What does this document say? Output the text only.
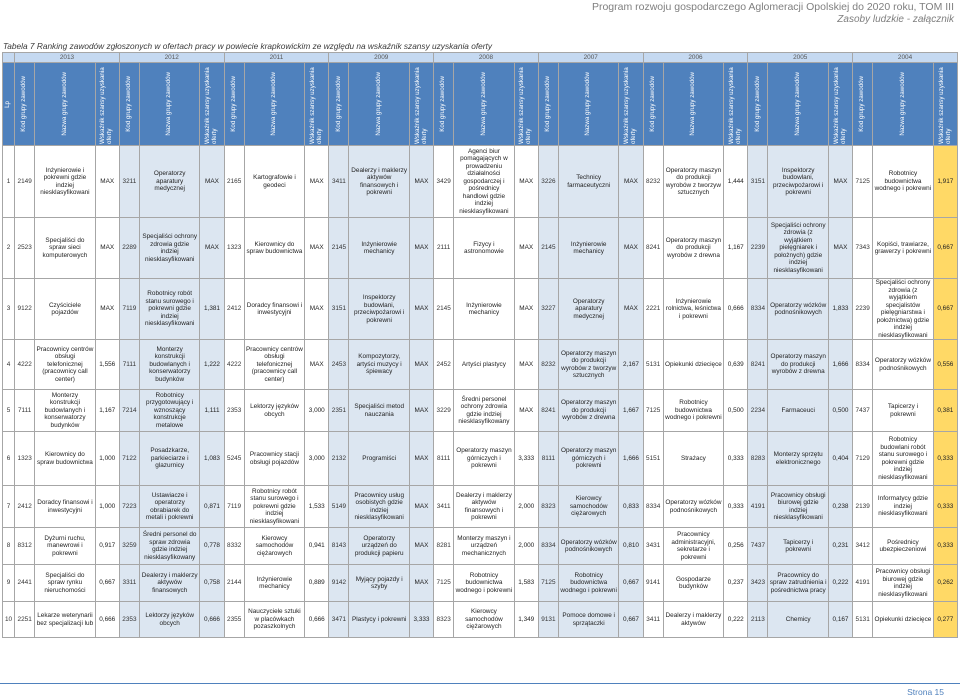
Program rozwoju gospodarczego Aglomeracji Opolskiej do 2020 roku, TOM III
Zasoby ludzkie - załącznik
Tabela 7 Ranking zawodów zgłoszonych w ofertach pracy w powiecie krapkowickim ze względu na wskaźnik szansy uzyskania oferty
	2013			2012			2011			2009			2008			2007			2006			2005			2004		

Lp	Kod grupy zawodów	Nazwa grupy zawodów	Wskaźnik szansy uzyskania oferty	Kod grupy zawodów	Nazwa grupy zawodów	Wskaźnik szansy uzyskania oferty	Kod grupy zawodów	Nazwa grupy zawodów	Wskaźnik szansy uzyskania oferty	Kod grupy zawodów	Nazwa grupy zawodów	Wskaźnik szansy uzyskania oferty	Kod grupy zawodów	Nazwa grupy zawodów	Wskaźnik szansy uzyskania oferty	Kod grupy zawodów	Nazwa grupy zawodów	Wskaźnik szansy uzyskania oferty	Kod grupy zawodów	Nazwa grupy zawodów	Wskaźnik szansy uzyskania oferty	Kod grupy zawodów	Nazwa grupy zawodów	Wskaźnik szansy uzyskania oferty	Kod grupy zawodów	Nazwa grupy zawodów	Wskaźnik szansy uzyskania oferty

1	2149	Inżynierowie i pokrewni gdzie indziej niesklasyfikowani	MAX	3211	Operatorzy aparatury medycznej	MAX	2165	Kartografowie i geodeci	MAX	3411	Dealerzy i maklerzy aktywów finansowych i pokrewni	MAX	3429	Agenci biur pomagających w prowadzeniu działalności gospodarczej i pośrednicy handlowi gdzie indziej niesklasyfikowani	MAX	3226	Technicy farmaceutyczni	MAX	8232	Operatorzy maszyn do produkcji wyrobów z tworzyw sztucznych	1,444	3151	Inspektorzy budowlani, przeciwpożarowi i pokrewni	MAX	7125	Robotnicy budownictwa wodnego i pokrewni	1,917
2	2523	Specjaliści do spraw sieci komputerowych	MAX	2289	Specjaliści ochrony zdrowia gdzie indziej niesklasyfikowani	MAX	1323	Kierownicy do spraw budownictwa	MAX	2145	Inżynierowie mechanicy	MAX	2111	Fizycy i astronomowie	MAX	2145	Inżynierowie mechanicy	MAX	8241	Operatorzy maszyn do produkcji wyrobów z drewna	1,167	2239	Specjaliści ochrony zdrowia (z wyjątkiem pielęgniarek i położnych) gdzie indziej niesklasyfikowani	MAX	7343	Kopiści, trawiarze, grawerzy i pokrewni	0,667
3	9122	Czyściciele pojazdów	MAX	7119	Robotnicy robót stanu surowego i pokrewni gdzie indziej niesklasyfikowani	1,381	2412	Doradcy finansowi i inwestycyjni	MAX	3151	Inspektorzy budowlani, przeciwpożarowi i pokrewni	MAX	2145	Inżynierowie mechanicy	MAX	3227	Operatorzy aparatury medycznej	MAX	2221	Inżynierowie rolnictwa, leśnictwa i pokrewni	0,666	8334	Operatorzy wózków podnośnikowych	1,833	2239	Specjaliści ochrony zdrowia (z wyjątkiem specjalistów pielęgniarstwa i położnictwa) gdzie indziej niesklasyfikowani	0,667
4	4222	Pracownicy centrów obsługi telefonicznej (pracownicy call center)	1,556	7111	Monterzy konstrukcji budowlanych i konserwatorzy budynków	1,222	4222	Pracownicy centrów obsługi telefonicznej (pracownicy call center)	MAX	2453	Kompozytorzy, artyści muzycy i śpiewacy	MAX	2452	Artyści plastycy	MAX	8232	Operatorzy maszyn do produkcji wyrobów z tworzyw sztucznych	2,167	5131	Opiekunki dziecięce	0,639	8241	Operatorzy maszyn do produkcji wyrobów z drewna	1,666	8334	Operatorzy wózków podnośnikowych	0,556
5	7111	Monterzy konstrukcji budowlanych i konserwatorzy budynków	1,167	7214	Robotnicy przygotowujący i wznoszący konstrukcje metalowe	1,111	2353	Lektorzy języków obcych	3,000	2351	Specjaliści metod nauczania	MAX	3229	Średni personel ochrony zdrowia gdzie indziej niesklasyfikowany	MAX	8241	Operatorzy maszyn do produkcji wyrobów z drewna	1,667	7125	Robotnicy budownictwa wodnego i pokrewni	0,500	2234	Farmaceuci	0,500	7437	Tapicerzy i pokrewni	0,381
6	1323	Kierownicy do spraw budownictwa	1,000	7122	Posadzkarze, parkieciarze i glazurnicy	1,083	5245	Pracownicy stacji obsługi pojazdów	3,000	2132	Programiści	MAX	8111	Operatorzy maszyn górniczych i pokrewni	3,333	8111	Operatorzy maszyn górniczych i pokrewni	1,666	5151	Strażacy	0,333	8283	Monterzy sprzętu elektronicznego	0,404	7129	Robotnicy budowlani robót stanu surowego i pokrewni gdzie indziej niesklasyfikowani	0,333
7	2412	Doradcy finansowi i inwestycyjni	1,000	7223	Ustawiacze i operatorzy obrabiarek do metali i pokrewni	0,871	7119	Robotnicy robót stanu surowego i pokrewni gdzie indziej niesklasyfikowani	1,533	5149	Pracownicy usług osobistych gdzie indziej niesklasyfikowani	MAX	3411	Dealerzy i maklerzy aktywów finansowych i pokrewni	2,000	8323	Kierowcy samochodów ciężarowych	0,833	8334	Operatorzy wózków podnośnikowych	0,333	4191	Pracownicy obsługi biurowej gdzie indziej niesklasyfikowani	0,238	2139	Informatycy gdzie indziej niesklasyfikowani	0,333
8	8312	Dyżurni ruchu, manewrowi i pokrewni	0,917	3259	Średni personel do spraw zdrowia gdzie indziej niesklasyfikowany	0,778	8332	Kierowcy samochodów ciężarowych	0,941	8143	Operatorzy urządzeń do produkcji papieru	MAX	8281	Monterzy maszyn i urządzeń mechanicznych	2,000	8334	Operatorzy wózków podnośnikowych	0,810	3431	Pracownicy administracyjni, sekretarze i pokrewni	0,256	7437	Tapicerzy i pokrewni	0,231	3412	Pośrednicy ubezpieczeniowi	0,333
9	2441	Specjaliści do spraw rynku nieruchomości	0,667	3311	Dealerzy i maklerzy aktywów finansowych	0,758	2144	Inżynierowie mechanicy	0,889	9142	Myjący pojazdy i szyby	MAX	7125	Robotnicy budownictwa wodnego i pokrewni	1,583	7125	Robotnicy budownictwa wodnego i pokrewni	0,667	9141	Gospodarze budynków	0,237	3423	Pracownicy do spraw zatrudnienia i pośrednictwa pracy	0,222	4191	Pracownicy obsługi biurowej gdzie indziej niesklasyfikowani	0,262
10	2251	Lekarze weterynarii bez specjalizacji lub	0,666	2353	Lektorzy języków obcych	0,666	2355	Nauczyciele sztuki w placówkach pozaszkolnych	0,666	3471	Plastycy i pokrewni	3,333	8323	Kierowcy samochodów ciężarowych	1,349	9131	Pomoce domowe i sprzątaczki	0,667	3411	Dealerzy i maklerzy aktywów	0,222	2113	Chemicy	0,167	5131	Opiekunki dziecięce	0,277
Strona 15
